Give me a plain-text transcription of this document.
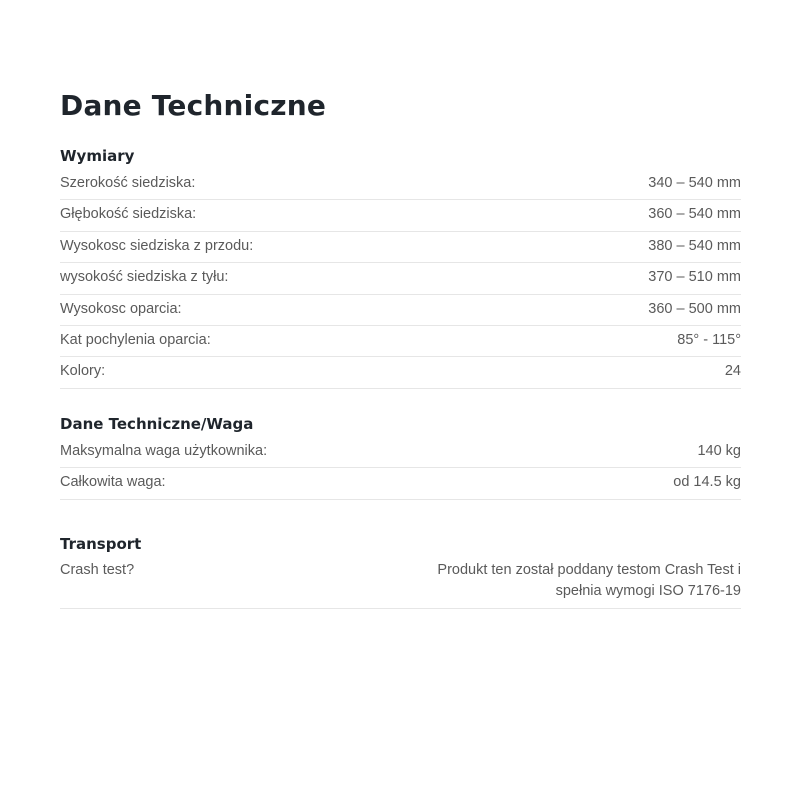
Dane Techniczne
Wymiary
Szerokość siedziska:	340 – 540 mm
Głębokość siedziska:	360 – 540 mm
Wysokosc siedziska z przodu:	380 – 540 mm
wysokość siedziska z tyłu:	370 – 510 mm
Wysokosc oparcia:	360 – 500 mm
Kat pochylenia oparcia:	85° - 115°
Kolory:	24
Dane Techniczne/Waga
Maksymalna waga użytkownika:	140 kg
Całkowita waga:	od 14.5 kg
Transport
Crash test?	Produkt ten został poddany testom Crash Test i spełnia wymogi ISO 7176-19
